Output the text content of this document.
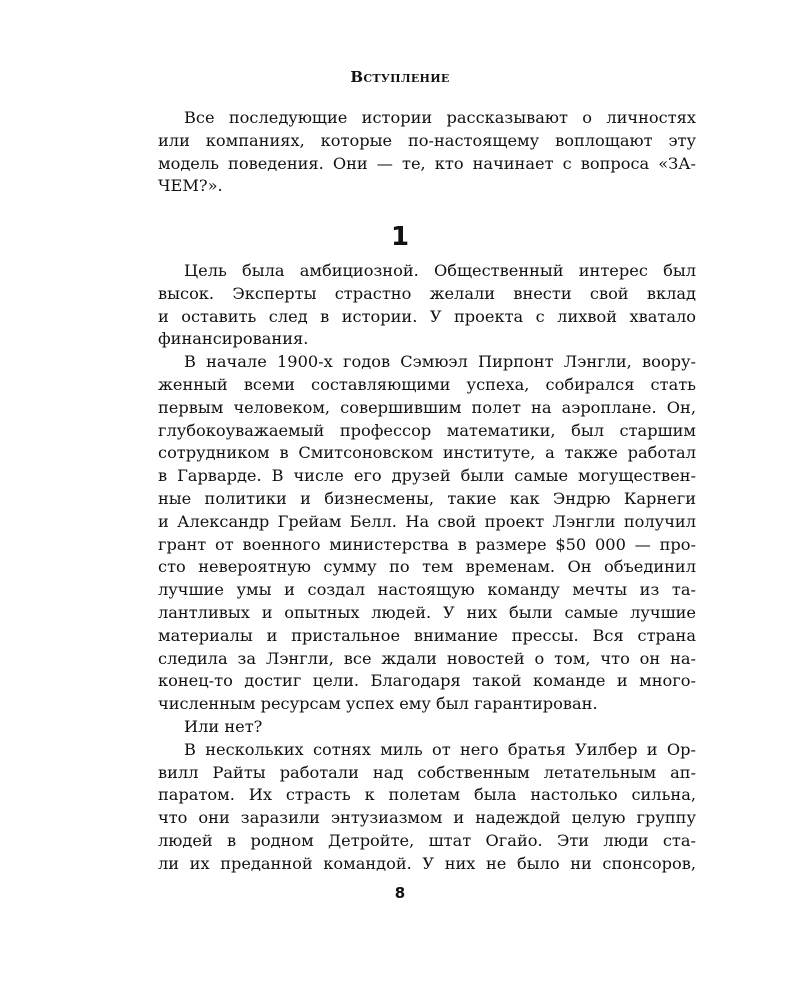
Вступление
Все последующие истории рассказывают о личностях
или компаниях, которые по-настоящему воплощают эту
модель поведения. Они — те, кто начинает с вопроса «ЗА-
ЧЕМ?».
1
Цель была амбициозной. Общественный интерес был
высок. Эксперты страстно желали внести свой вклад
и оставить след в истории. У проекта с лихвой хватало
финансирования.
В начале 1900-х годов Сэмюэл Пирпонт Лэнгли, воору-
женный всеми составляющими успеха, собирался стать
первым человеком, совершившим полет на аэроплане. Он,
глубокоуважаемый профессор математики, был старшим
сотрудником в Смитсоновском институте, а также работал
в Гарварде. В числе его друзей были самые могуществен-
ные политики и бизнесмены, такие как Эндрю Карнеги
и Александр Грейам Белл. На свой проект Лэнгли получил
грант от военного министерства в размере $50 000 — про-
сто невероятную сумму по тем временам. Он объединил
лучшие умы и создал настоящую команду мечты из та-
лантливых и опытных людей. У них были самые лучшие
материалы и пристальное внимание прессы. Вся страна
следила за Лэнгли, все ждали новостей о том, что он на-
конец-то достиг цели. Благодаря такой команде и много-
численным ресурсам успех ему был гарантирован.
Или нет?
В нескольких сотнях миль от него братья Уилбер и Ор-
вилл Райты работали над собственным летательным ап-
паратом. Их страсть к полетам была настолько сильна,
что они заразили энтузиазмом и надеждой целую группу
людей в родном Детройте, штат Огайо. Эти люди ста-
ли их преданной командой. У них не было ни спонсоров,
8
